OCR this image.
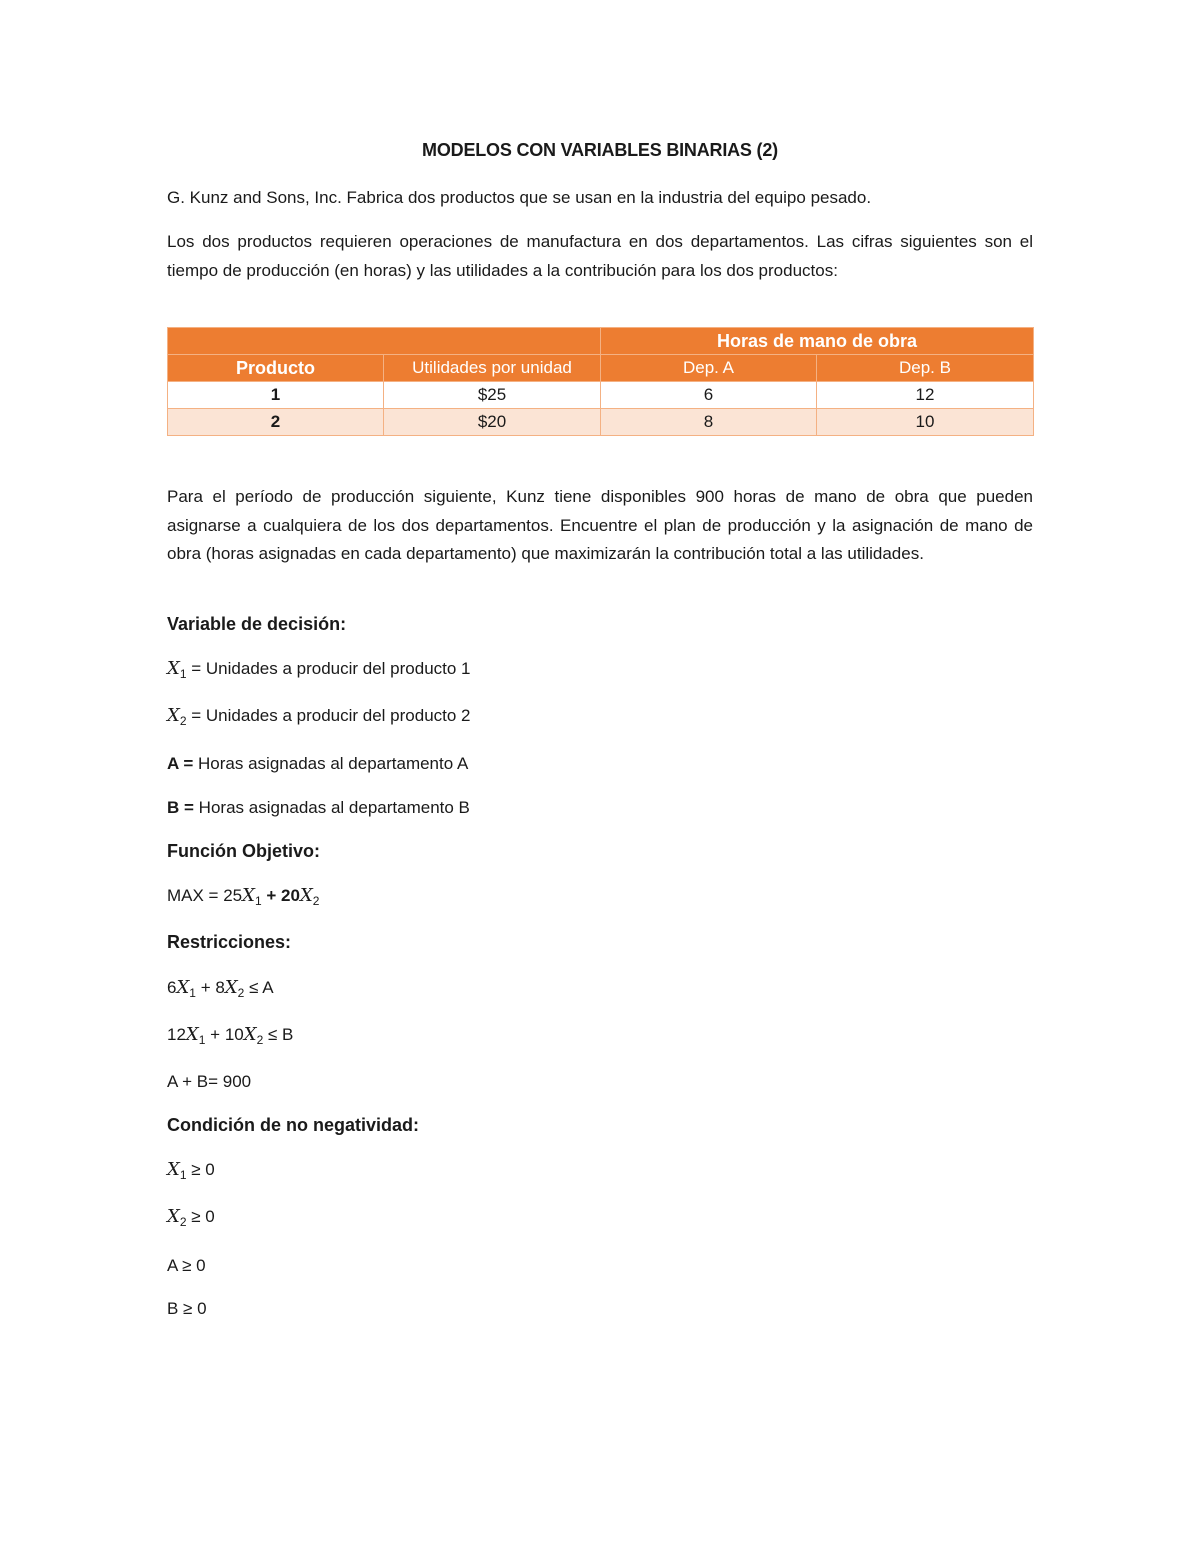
MODELOS CON VARIABLES BINARIAS (2)
G. Kunz and Sons, Inc. Fabrica dos productos que se usan en la industria del equipo pesado.
Los dos productos requieren operaciones de manufactura en dos departamentos. Las cifras siguientes son el tiempo de producción (en horas) y las utilidades a la contribución para los dos productos:
		Horas de mano de obra	
Producto	Utilidades por unidad	Dep. A	Dep. B
1	$25	6	12
2	$20	8	10
Para el período de producción siguiente, Kunz tiene disponibles 900 horas de mano de obra que pueden asignarse a cualquiera de los dos departamentos. Encuentre el plan de producción y la asignación de mano de obra (horas asignadas en cada departamento) que maximizarán la contribución total a las utilidades.
Variable de decisión:
$X_1$ = Unidades a producir del producto 1
$X_2$ = Unidades a producir del producto 2
A = Horas asignadas al departamento A
B = Horas asignadas al departamento B
Función Objetivo:
MAX = $25X_1 + 20X_2$
Restricciones:
$6X_1 + 8X_2 \le A$
$12X_1 + 10X_2 \le B$
A + B= 900
Condición de no negatividad:
$X_1 \ge 0$
$X_2 \ge 0$
A ≥ 0
B ≥ 0
